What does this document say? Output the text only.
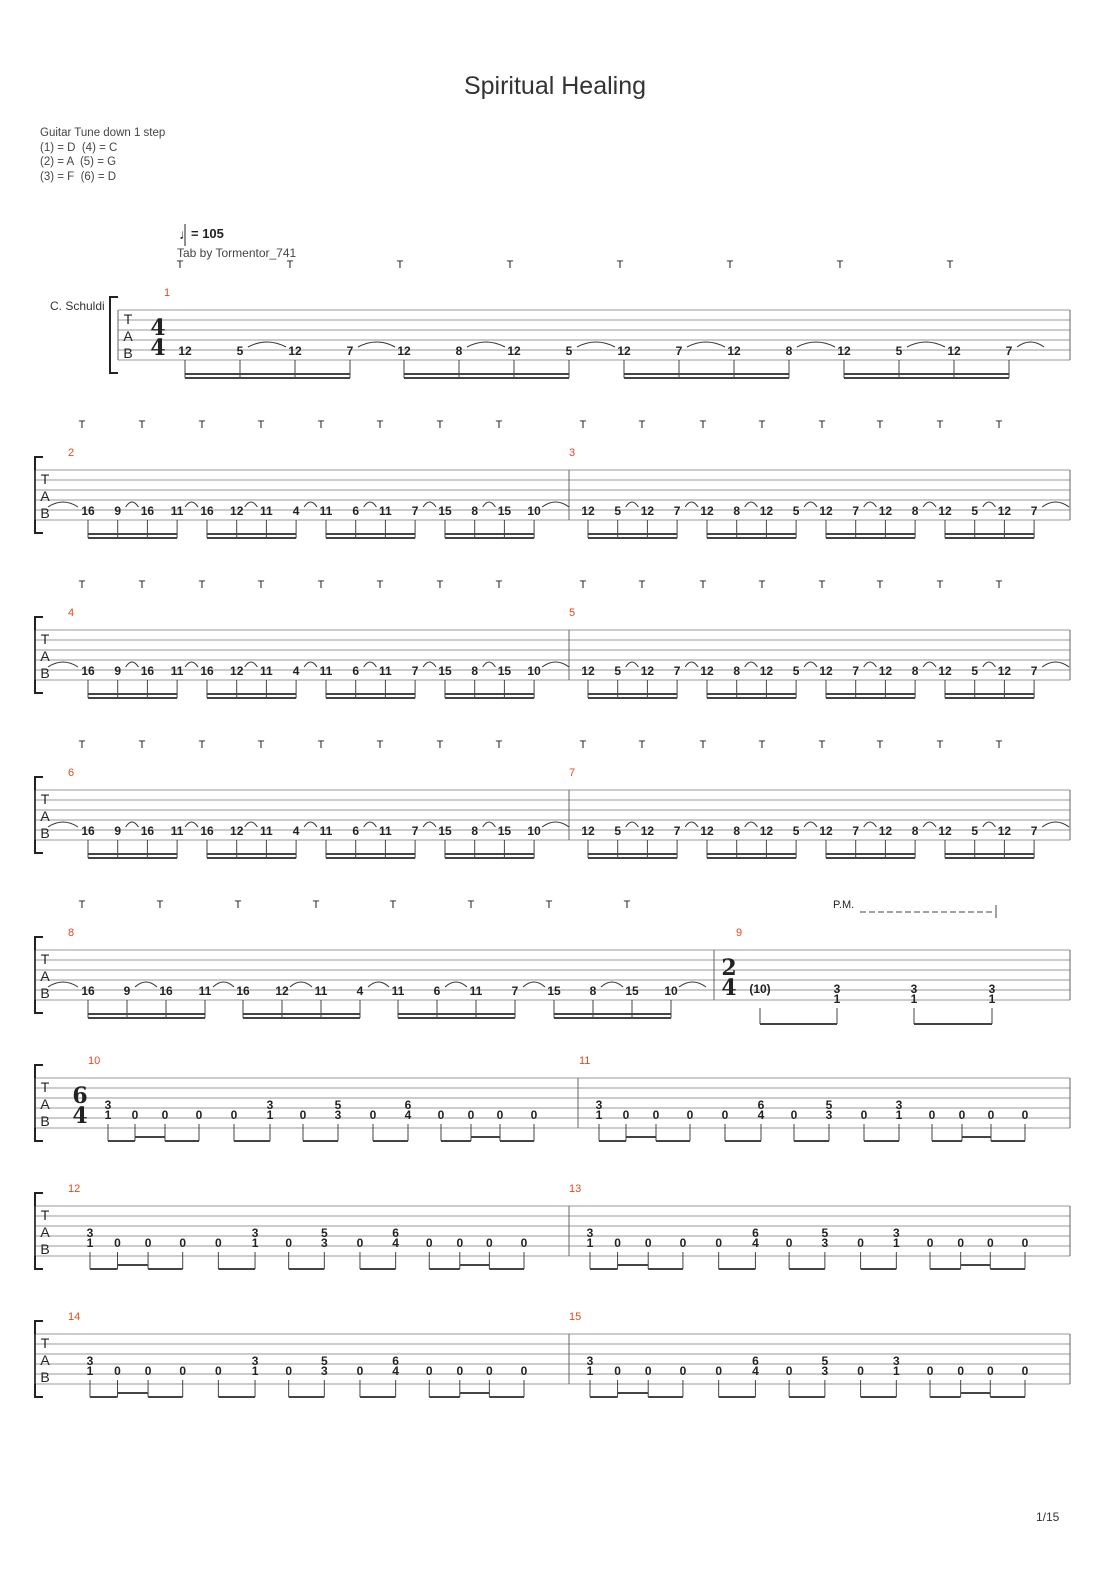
Spiritual Healing
Guitar Tune down 1 step
(1) = D  (4) = C
(2) = A  (5) = G
(3) = F  (6) = D
♩
= 105
Tab by Tormentor_741
C. Schuldi
T
A
B
4
4
1
12	5	12	7	12	8	12	5	12	7	12	8	12	5	12	7
T	T	T	T	T	T	T	T
T
A
B
2	3
16 9 16 11 16 12 11 4 11 6 11 7 15 8 15 10	12 5 12 7 12 8 12 5 12 7 12 8 12 5 12 7
T	T	T	T	T	T	T	T	T	T	T	T	T	T	T	T
T
A
B
4	5
16 9 16 11 16 12 11 4 11 6 11 7 15 8 15 10	12 5 12 7 12 8 12 5 12 7 12 8 12 5 12 7
T	T	T	T	T	T	T	T	T	T	T	T	T	T	T	T
T
A
B
6	7
16 9 16 11 16 12 11 4 11 6 11 7 15 8 15 10	12 5 12 7 12 8 12 5 12 7 12 8 12 5 12 7
T	T	T	T	T	T	T	T	T	T	T	T	T	T	T	T
T
A
B
8	9
16 9 16 11 16 12 11 4 11 6 11 7 15 8 15 10
T	T	T	T	T	T	T	T
2
4 (10)	3
1
3
1
3
1
P.M.
T
A
B
10	11
6
4 3
1 0 0 0 0
3
1 0
5
3 0
6
4 0 0 0 0
3
1 0 0 0 0
6
4 0
5
3 0
3
1 0 0 0 0
T
A
B
12	13
3
1 0 0 0 0
3
1 0
5
3 0
6
4 0 0 0 0
3
1 0 0 0 0
6
4 0
5
3 0
3
1 0 0 0 0
T
A
B
14	15
3
1 0 0 0 0
3
1 0
5
3 0
6
4 0 0 0 0
3
1 0 0 0 0
6
4 0
5
3 0
3
1 0 0 0 0
1/15
